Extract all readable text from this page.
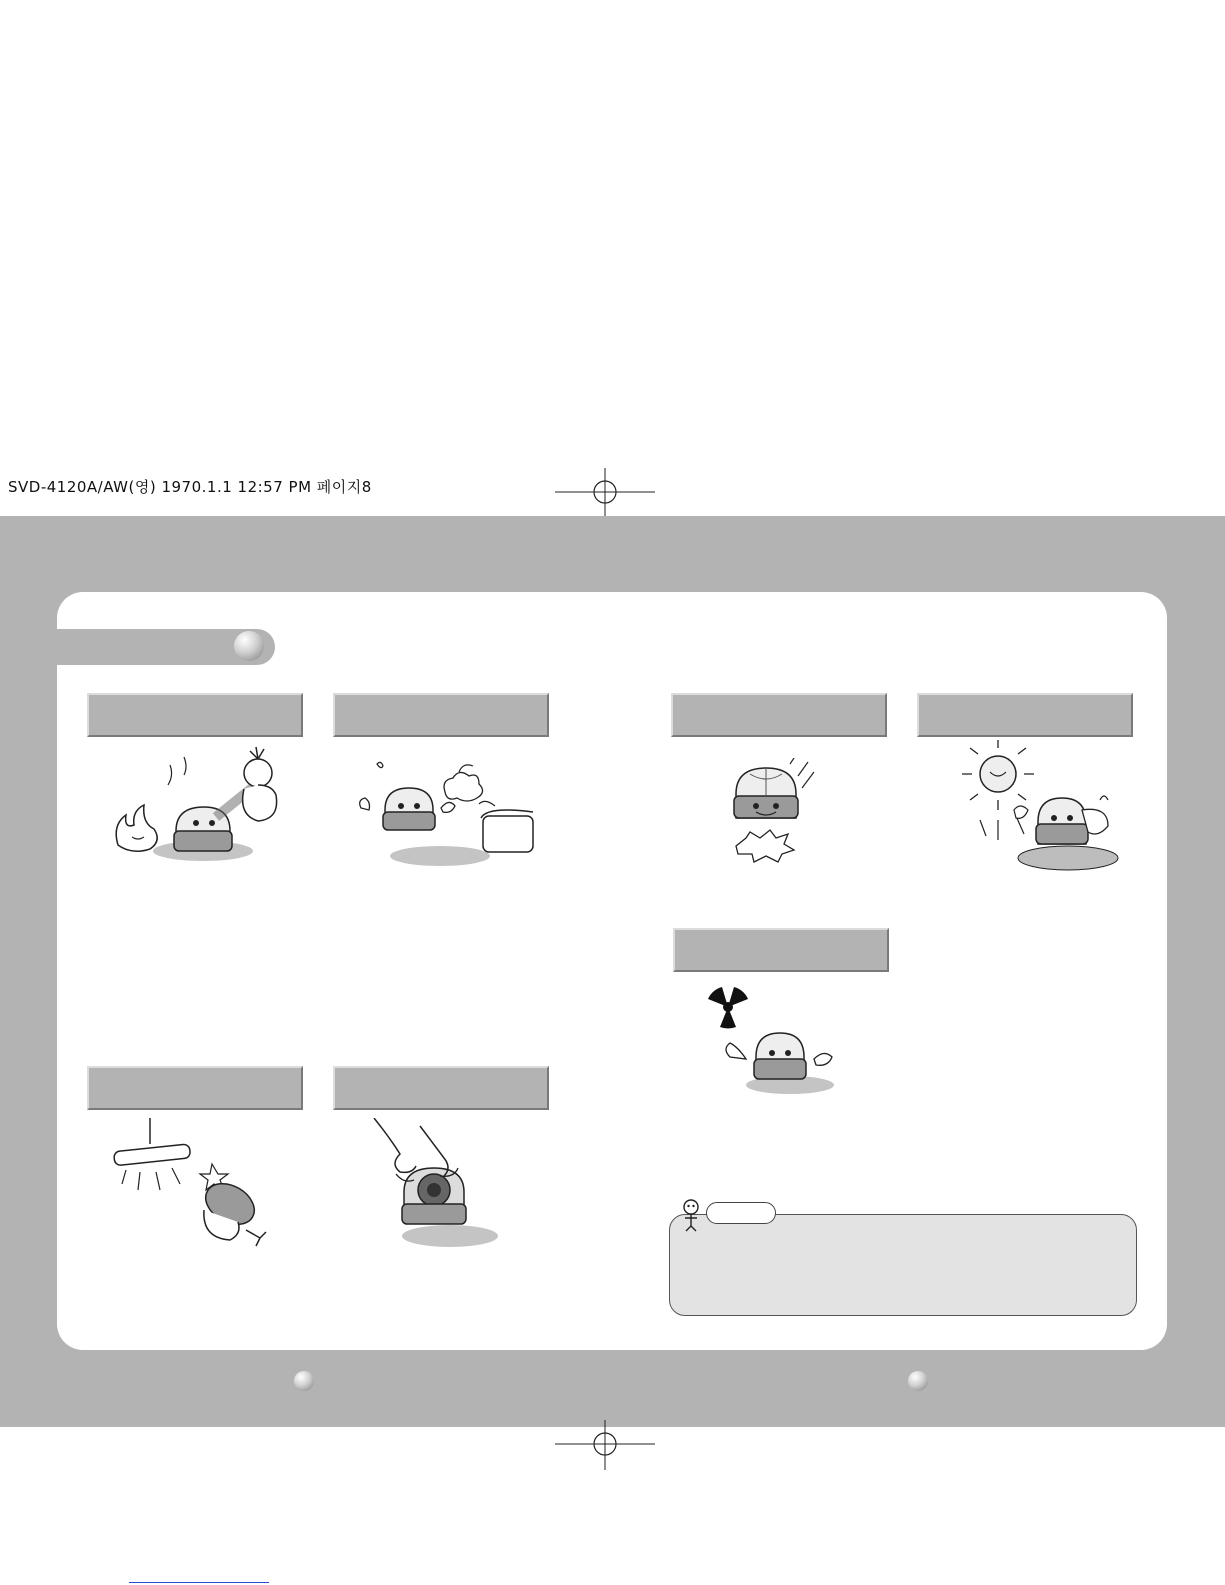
SVD-4120A/AW(영) 1970.1.1 12:57 PM 페이지8
